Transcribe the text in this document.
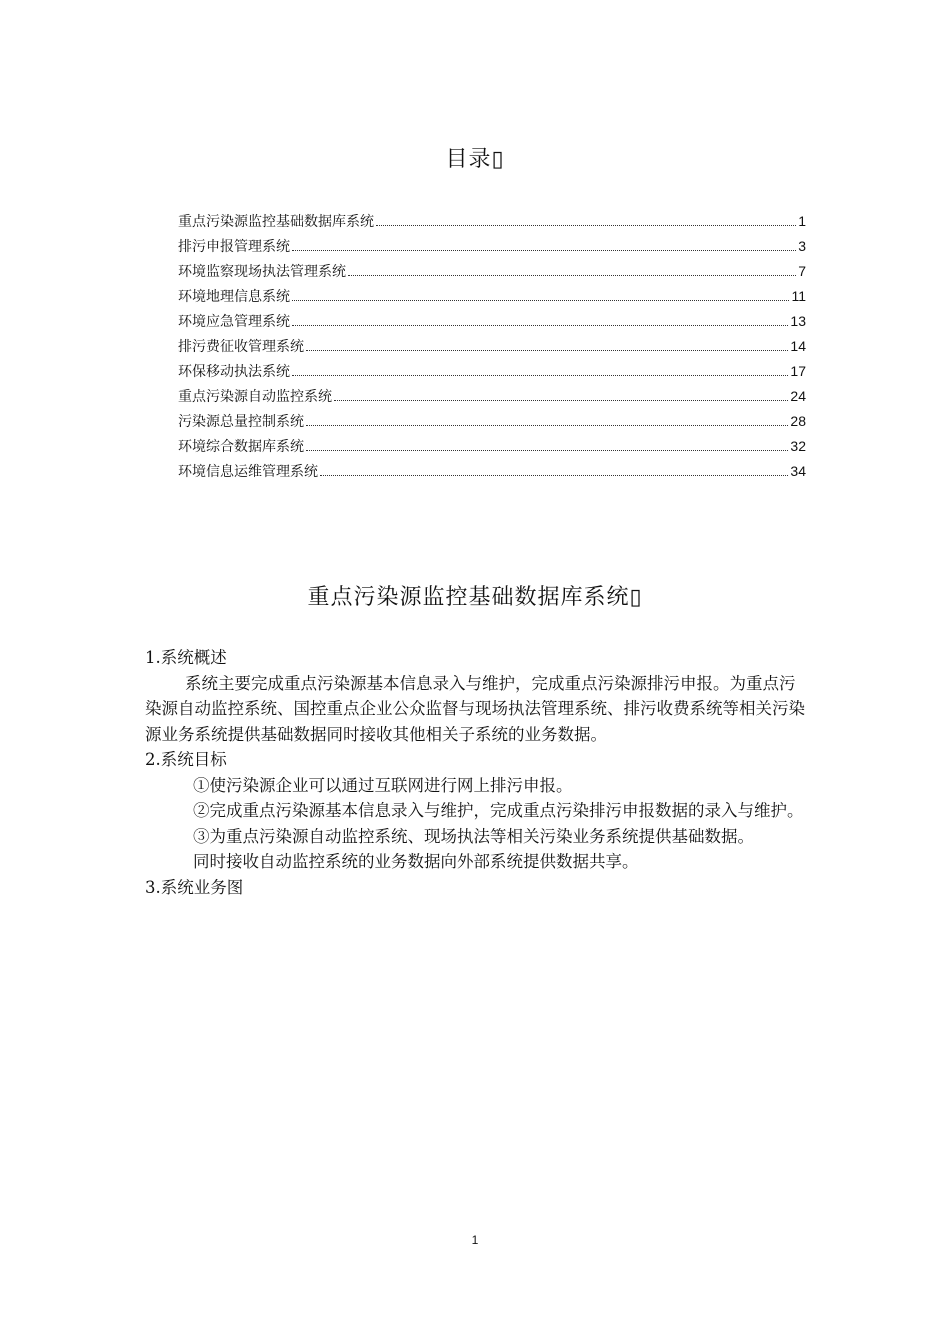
目录▯
重点污染源监控基础数据库系统	1
排污申报管理系统	3
环境监察现场执法管理系统	7
环境地理信息系统	11
环境应急管理系统	13
排污费征收管理系统	14
环保移动执法系统	17
重点污染源自动监控系统	24
污染源总量控制系统	28
环境综合数据库系统	32
环境信息运维管理系统	34
重点污染源监控基础数据库系统▯

1.系统概述

系统主要完成重点污染源基本信息录入与维护，完成重点污染源排污申报。为重点污染源自动监控系统、国控重点企业公众监督与现场执法管理系统、排污收费系统等相关污染源业务系统提供基础数据同时接收其他相关子系统的业务数据。

2.系统目标

①使污染源企业可以通过互联网进行网上排污申报。

②完成重点污染源基本信息录入与维护，完成重点污染排污申报数据的录入与维护。

③为重点污染源自动监控系统、现场执法等相关污染业务系统提供基础数据。

同时接收自动监控系统的业务数据向外部系统提供数据共享。

3.系统业务图

1
